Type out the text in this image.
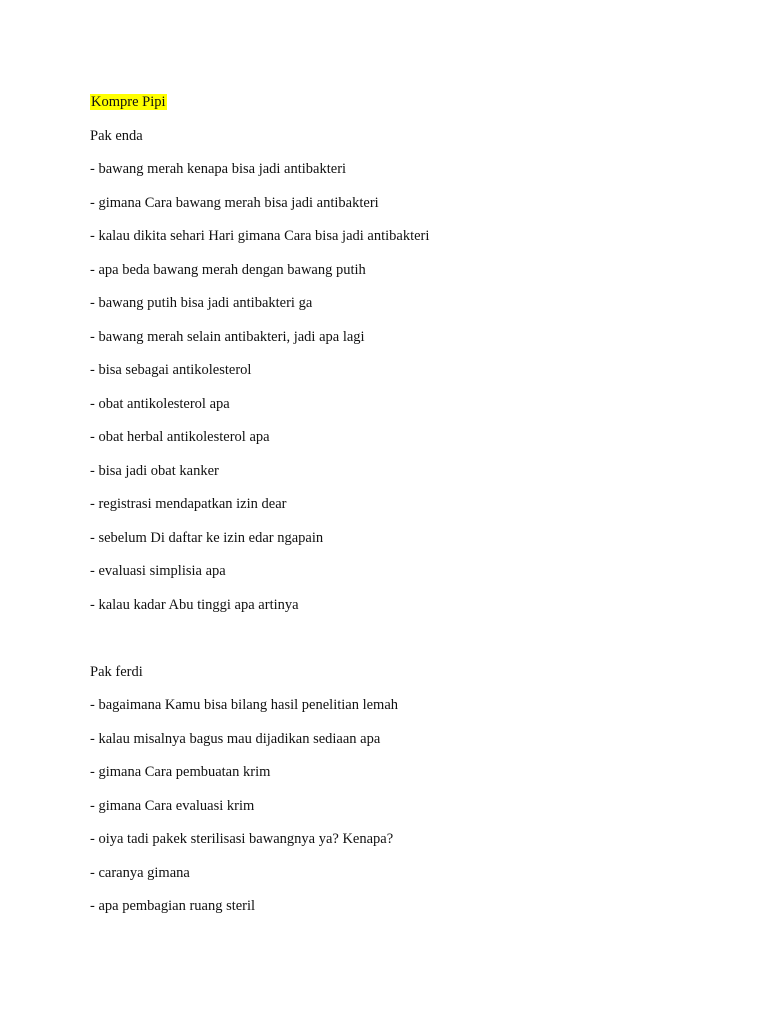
Kompre Pipi
Pak enda
- bawang merah kenapa bisa jadi antibakteri
- gimana Cara bawang merah bisa jadi antibakteri
- kalau dikita sehari Hari gimana Cara bisa jadi antibakteri
- apa beda bawang merah dengan bawang putih
- bawang putih bisa jadi antibakteri ga
- bawang merah selain antibakteri, jadi apa lagi
- bisa sebagai antikolesterol
- obat antikolesterol apa
- obat herbal antikolesterol apa
- bisa jadi obat kanker
- registrasi mendapatkan izin dear
- sebelum Di daftar ke izin edar ngapain
- evaluasi simplisia apa
- kalau kadar Abu tinggi apa artinya
Pak ferdi
- bagaimana Kamu bisa bilang hasil penelitian lemah
- kalau misalnya bagus mau dijadikan sediaan apa
- gimana Cara pembuatan krim
- gimana Cara evaluasi krim
- oiya tadi pakek sterilisasi bawangnya ya? Kenapa?
- caranya gimana
- apa pembagian ruang steril
